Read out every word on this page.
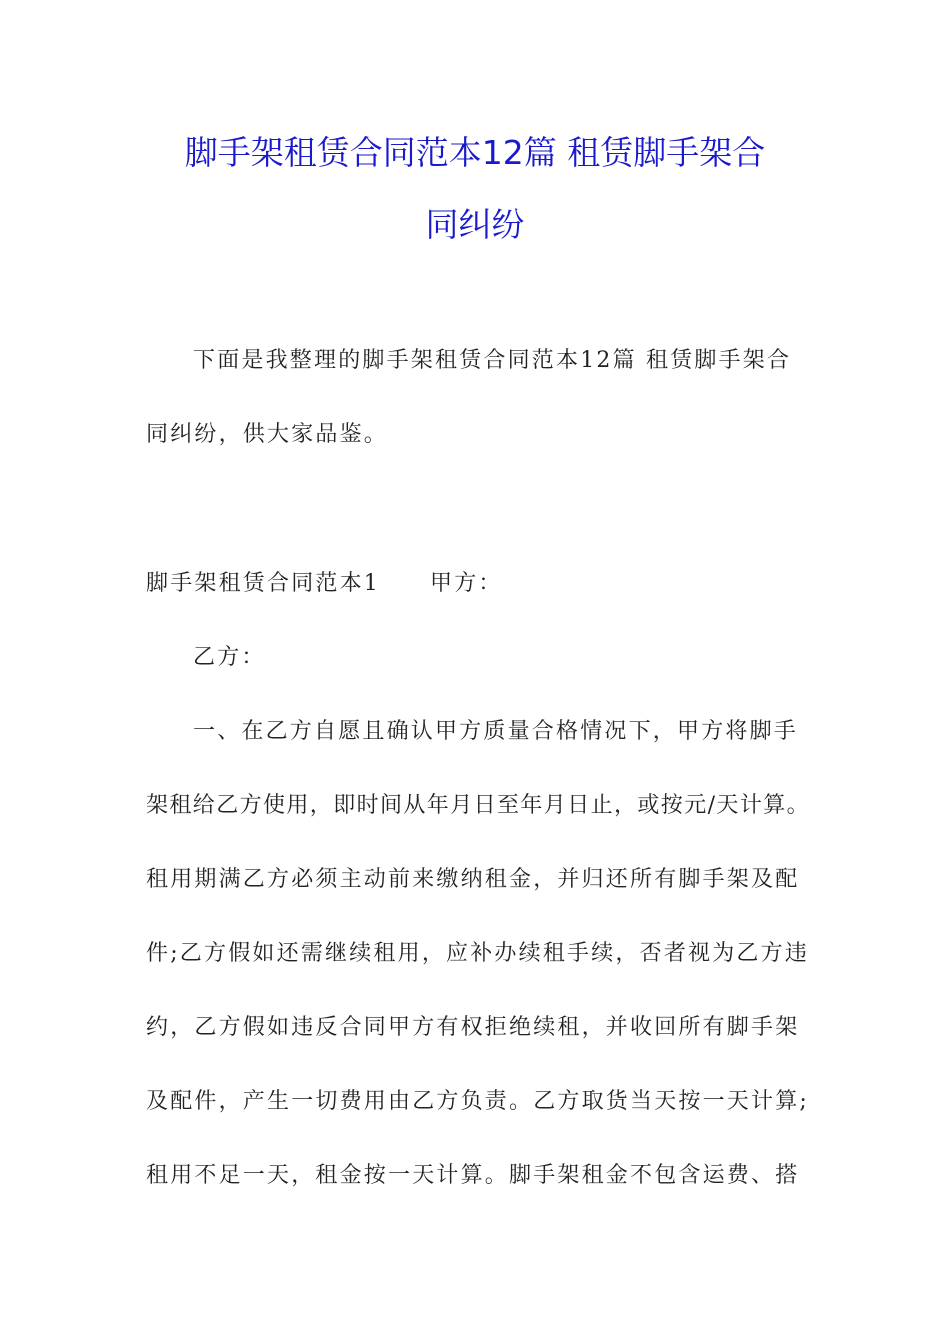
脚手架租赁合同范本12篇 租赁脚手架合
同纠纷
下面是我整理的脚手架租赁合同范本12篇 租赁脚手架合
同纠纷，供大家品鉴。
脚手架租赁合同范本1 甲方：
乙方：
一、在乙方自愿且确认甲方质量合格情况下，甲方将脚手
架租给乙方使用，即时间从年月日至年月日止，或按元/天计算。
租用期满乙方必须主动前来缴纳租金，并归还所有脚手架及配
件;乙方假如还需继续租用，应补办续租手续，否者视为乙方违
约，乙方假如违反合同甲方有权拒绝续租，并收回所有脚手架
及配件，产生一切费用由乙方负责。乙方取货当天按一天计算;
租用不足一天，租金按一天计算。脚手架租金不包含运费、搭
